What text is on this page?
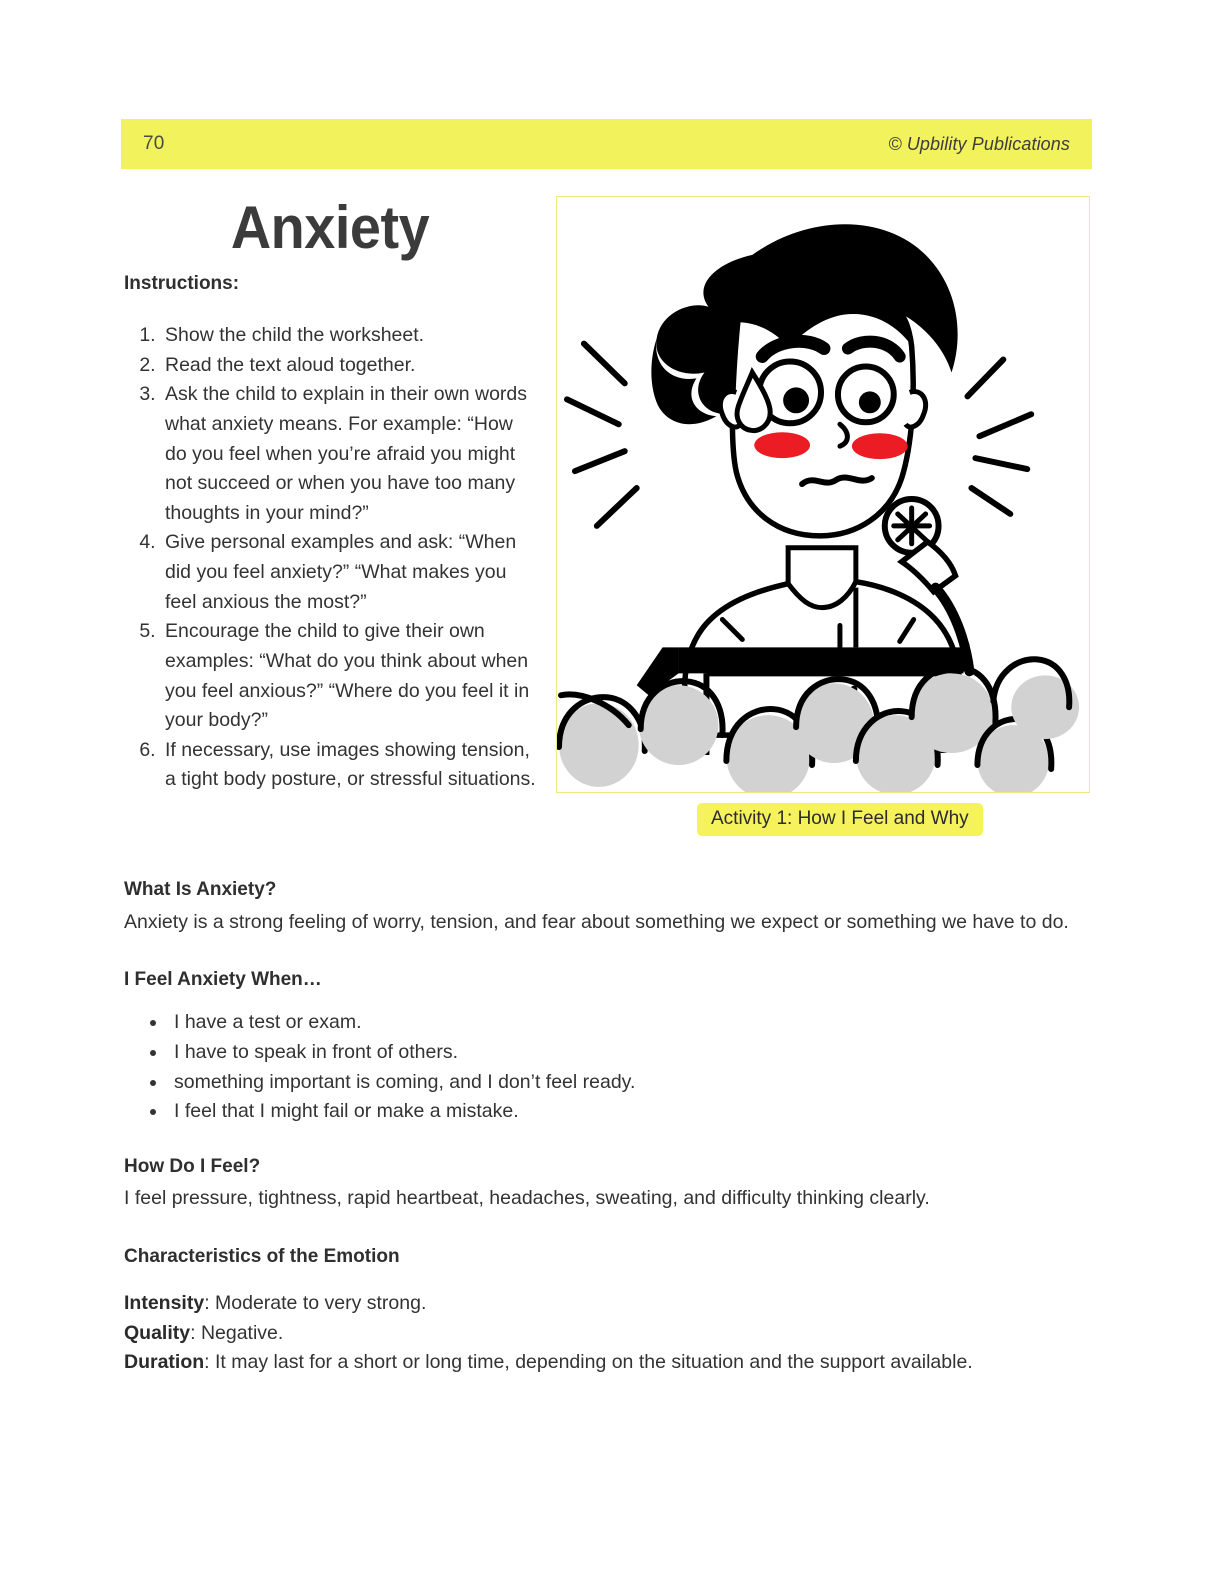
70	© Upbility Publications
Anxiety
Instructions:
1. Show the child the worksheet.
2. Read the text aloud together.
3. Ask the child to explain in their own words what anxiety means. For example: “How do you feel when you’re afraid you might not succeed or when you have too many thoughts in your mind?”
4. Give personal examples and ask: “When did you feel anxiety?” “What makes you feel anxious the most?”
5. Encourage the child to give their own examples: “What do you think about when you feel anxious?” “Where do you feel it in your body?”
6. If necessary, use images showing tension, a tight body posture, or stressful situations.
Activity 1: How I Feel and Why
What Is Anxiety?

Anxiety is a strong feeling of worry, tension, and fear about something we expect or something we have to do.

I Feel Anxiety When…
• I have a test or exam.
• I have to speak in front of others.
• something important is coming, and I don’t feel ready.
• I feel that I might fail or make a mistake.
How Do I Feel?

I feel pressure, tightness, rapid heartbeat, headaches, sweating, and difficulty thinking clearly.

Characteristics of the Emotion

Intensity: Moderate to very strong.

Quality: Negative.

Duration: It may last for a short or long time, depending on the situation and the support available.
